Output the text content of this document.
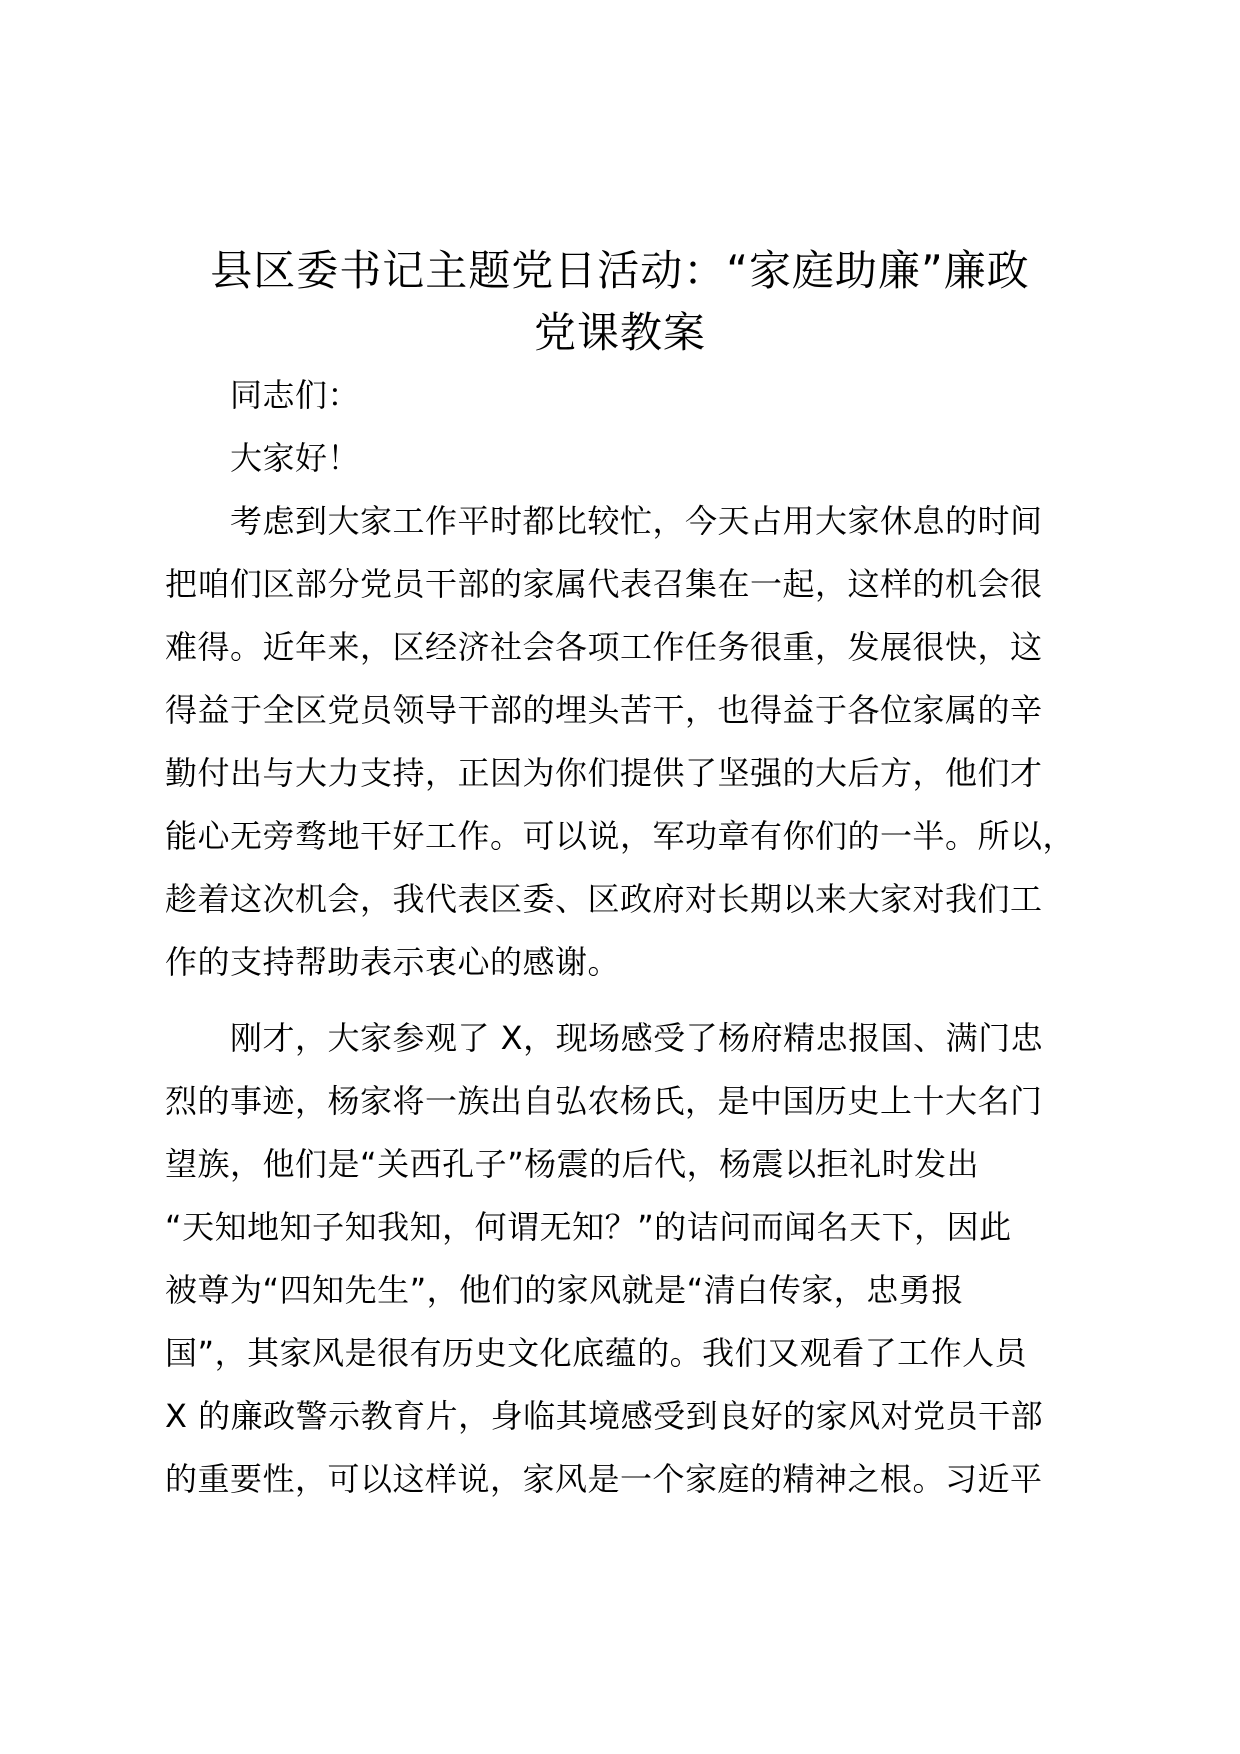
县区委书记主题党日活动：“家庭助廉”廉政
党课教案
同志们：
大家好！
考虑到大家工作平时都比较忙，今天占用大家休息的时间
把咱们区部分党员干部的家属代表召集在一起，这样的机会很
难得。近年来，区经济社会各项工作任务很重，发展很快，这
得益于全区党员领导干部的埋头苦干，也得益于各位家属的辛
勤付出与大力支持，正因为你们提供了坚强的大后方，他们才
能心无旁骛地干好工作。可以说，军功章有你们的一半。所以，
趁着这次机会，我代表区委、区政府对长期以来大家对我们工
作的支持帮助表示衷心的感谢。
刚才，大家参观了 X，现场感受了杨府精忠报国、满门忠
烈的事迹，杨家将一族出自弘农杨氏，是中国历史上十大名门
望族，他们是“关西孔子”杨震的后代，杨震以拒礼时发出
“天知地知子知我知，何谓无知？”的诘问而闻名天下，因此
被尊为“四知先生”，他们的家风就是“清白传家，忠勇报
国”，其家风是很有历史文化底蕴的。我们又观看了工作人员
X 的廉政警示教育片，身临其境感受到良好的家风对党员干部
的重要性，可以这样说，家风是一个家庭的精神之根。习近平
